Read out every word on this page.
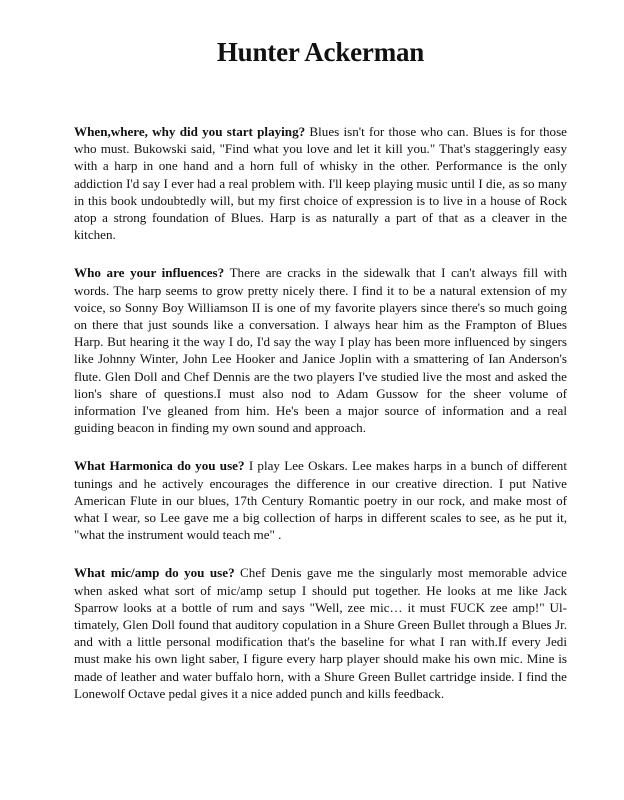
Hunter Ackerman

When,where, why did you start playing? Blues isn't for those who can. Blues is for those who must. Bukowski said, "Find what you love and let it kill you." That's staggeringly easy with a harp in one hand and a horn full of whisky in the other. Performance is the only addiction I'd say I ever had a real problem with. I'll keep playing music until I die, as so many in this book undoubtedly will, but my first choice of expression is to live in a house of Rock atop a strong foundation of Blues. Harp is as naturally a part of that as a cleaver in the kitchen.

Who are your influences? There are cracks in the sidewalk that I can't always fill with words. The harp seems to grow pretty nicely there. I find it to be a natural extension of my voice, so Sonny Boy Williamson II is one of my favorite players since there's so much going on there that just sounds like a conversation. I always hear him as the Frampton of Blues Harp. But hearing it the way I do, I'd say the way I play has been more influenced by singers like Johnny Winter, John Lee Hooker and Janice Joplin with a smattering of Ian Anderson's flute. Glen Doll and Chef Dennis are the two players I've studied live the most and asked the lion's share of questions.I must also nod to Adam Gussow for the sheer volume of information I've gleaned from him. He's been a major source of information and a real guiding beacon in finding my own sound and approach.

What Harmonica do you use? I play Lee Oskars. Lee makes harps in a bunch of different tunings and he actively encourages the difference in our creative direction. I put Native American Flute in our blues, 17th Century Romantic poetry in our rock, and make most of what I wear, so Lee gave me a big collection of harps in different scales to see, as he put it, "what the instrument would teach me" .

What mic/amp do you use? Chef Denis gave me the singularly most memorable advice when asked what sort of mic/amp setup I should put together. He looks at me like Jack Sparrow looks at a bottle of rum and says "Well, zee mic… it must FUCK zee amp!" Ultimately, Glen Doll found that auditory copulation in a Shure Green Bullet through a Blues Jr. and with a little personal modification that's the baseline for what I ran with.If every Jedi must make his own light saber, I figure every harp player should make his own mic. Mine is made of leather and water buffalo horn, with a Shure Green Bullet cartridge inside. I find the Lonewolf Octave pedal gives it a nice added punch and kills feedback.
